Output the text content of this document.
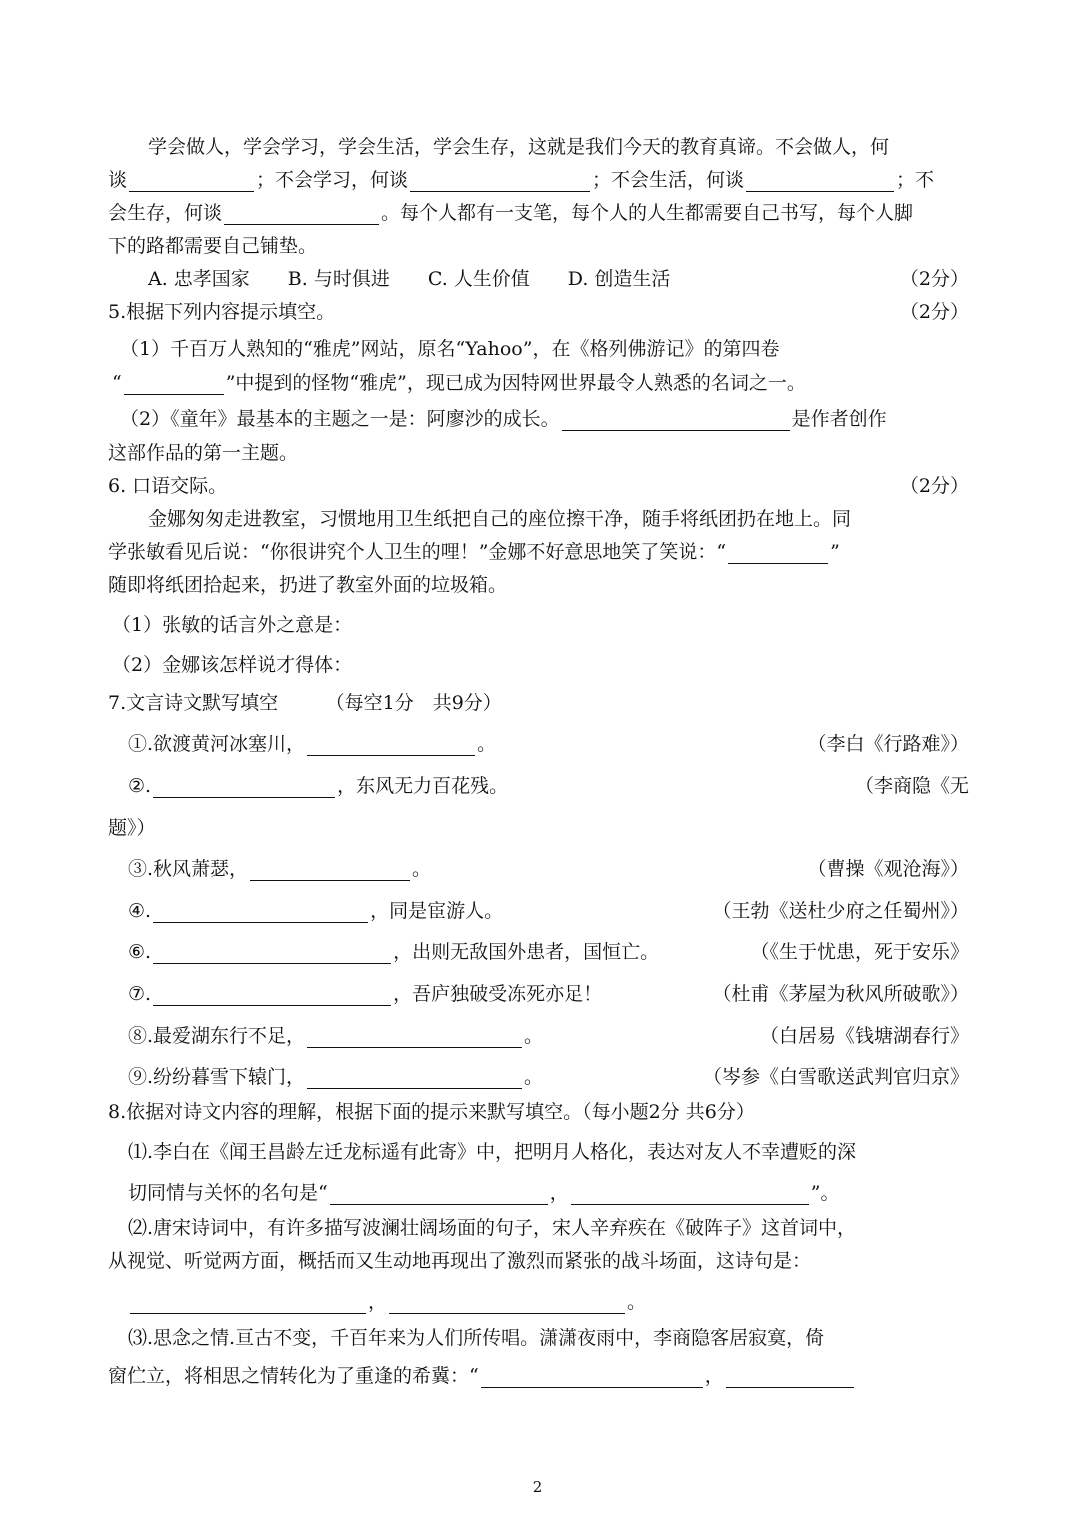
学会做人，学会学习，学会生活，学会生存，这就是我们今天的教育真谛。不会做人，何
谈	；不会学习，何谈	；不会生活，何谈	；不
会生存，何谈	。每个人都有一支笔，每个人的人生都需要自己书写，每个人脚
下的路都需要自己铺垫。
A. 忠孝国家　　B. 与时俱进　　C. 人生价值　　D. 创造生活	（2分）
5.根据下列内容提示填空。	（2分）
（1）千百万人熟知的“雅虎”网站，原名“Yahoo”，在《格列佛游记》的第四卷
“	”中提到的怪物“雅虎”，现已成为因特网世界最令人熟悉的名词之一。
（2）《童年》最基本的主题之一是：阿廖沙的成长。	是作者创作
这部作品的第一主题。
6. 口语交际。	（2分）
金娜匆匆走进教室，习惯地用卫生纸把自己的座位擦干净，随手将纸团扔在地上。同
学张敏看见后说：“你很讲究个人卫生的哩！”金娜不好意思地笑了笑说：“	”
随即将纸团拾起来，扔进了教室外面的垃圾箱。
（1）张敏的话言外之意是：
（2）金娜该怎样说才得体：
7.文言诗文默写填空　　　（每空1分　共9分）
①.欲渡黄河冰塞川，	。	（李白《行路难》）
②.	，东风无力百花残。	（李商隐《无
题》）
③.秋风萧瑟，	。	（曹操《观沧海》）
④.	，同是宦游人。	（王勃《送杜少府之任蜀州》）
⑥.	，出则无敌国外患者，国恒亡。	（《生于忧患，死于安乐》
⑦.	，吾庐独破受冻死亦足！	（杜甫《茅屋为秋风所破歌》）
⑧.最爱湖东行不足，	。	（白居易《钱塘湖春行》
⑨.纷纷暮雪下辕门，	。	（岑参《白雪歌送武判官归京》
8.依据对诗文内容的理解，根据下面的提示来默写填空。（每小题2分 共6分）
⑴.李白在《闻王昌龄左迁龙标遥有此寄》中，把明月人格化，表达对友人不幸遭贬的深
切同情与关怀的名句是“	，	”。
⑵.唐宋诗词中，有许多描写波澜壮阔场面的句子，宋人辛弃疾在《破阵子》这首词中，
从视觉、听觉两方面，概括而又生动地再现出了激烈而紧张的战斗场面，这诗句是：
，	。
⑶.思念之情.亘古不变，千百年来为人们所传唱。潇潇夜雨中，李商隐客居寂寞，倚
窗伫立，将相思之情转化为了重逢的希冀：“	，
2
